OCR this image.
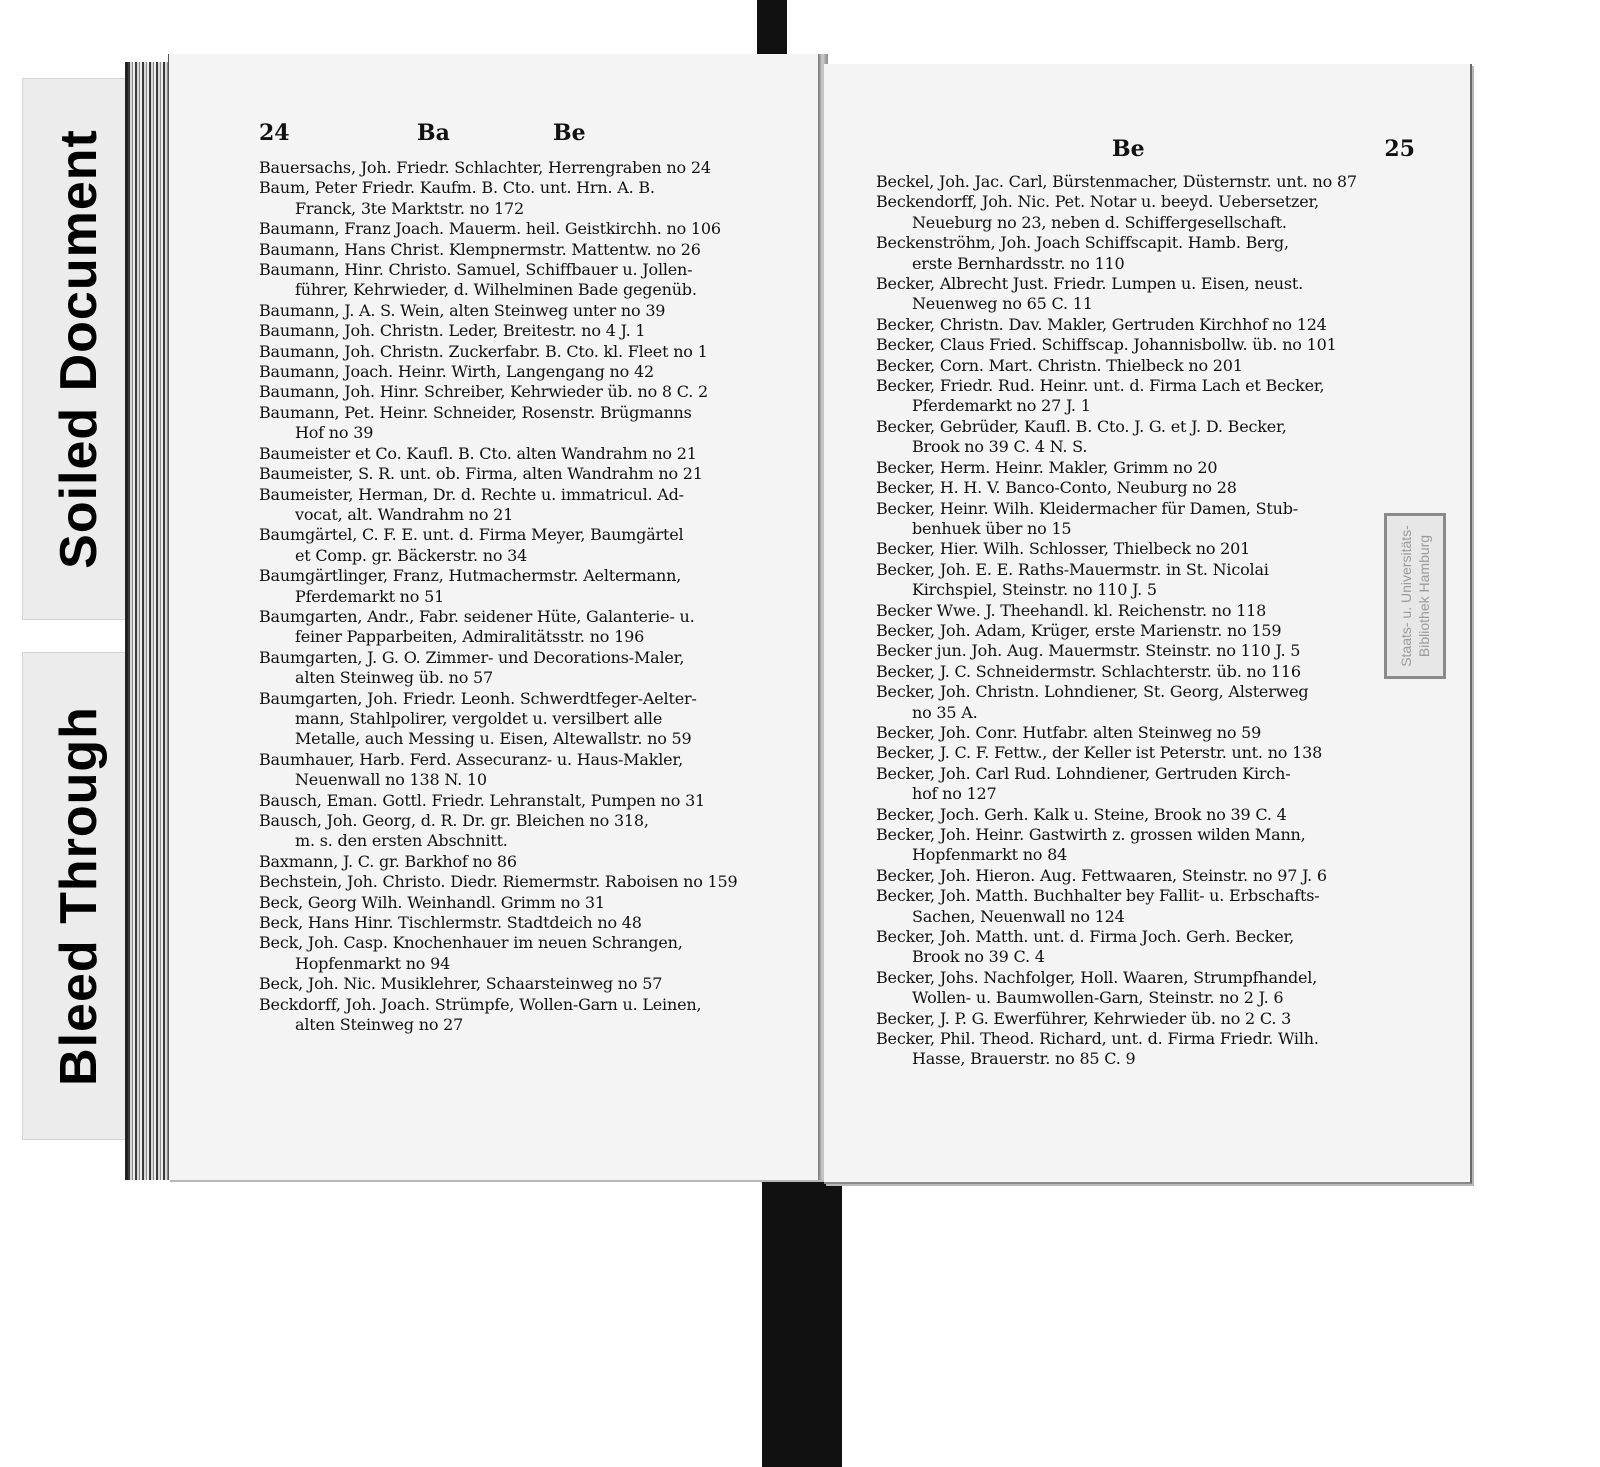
Soiled Document
Bleed Through
24	Ba	Be
Bauersachs, Joh. Friedr. Schlachter, Herrengraben no 24
Baum, Peter Friedr. Kaufm. B. Cto. unt. Hrn. A. B.
Franck, 3te Marktstr. no 172
Baumann, Franz Joach. Mauerm. heil. Geistkirchh. no 106
Baumann, Hans Christ. Klempnermstr. Mattentw. no 26
Baumann, Hinr. Christo. Samuel, Schiffbauer u. Jollen-
führer, Kehrwieder, d. Wilhelminen Bade gegenüb.
Baumann, J. A. S. Wein, alten Steinweg unter no 39
Baumann, Joh. Christn. Leder, Breitestr. no 4 J. 1
Baumann, Joh. Christn. Zuckerfabr. B. Cto. kl. Fleet no 1
Baumann, Joach. Heinr. Wirth, Langengang no 42
Baumann, Joh. Hinr. Schreiber, Kehrwieder üb. no 8 C. 2
Baumann, Pet. Heinr. Schneider, Rosenstr. Brügmanns
Hof no 39
Baumeister et Co. Kaufl. B. Cto. alten Wandrahm no 21
Baumeister, S. R. unt. ob. Firma, alten Wandrahm no 21
Baumeister, Herman, Dr. d. Rechte u. immatricul. Ad-
vocat, alt. Wandrahm no 21
Baumgärtel, C. F. E. unt. d. Firma Meyer, Baumgärtel
et Comp. gr. Bäckerstr. no 34
Baumgärtlinger, Franz, Hutmachermstr. Aeltermann,
Pferdemarkt no 51
Baumgarten, Andr., Fabr. seidener Hüte, Galanterie- u.
feiner Papparbeiten, Admiralitätsstr. no 196
Baumgarten, J. G. O. Zimmer- und Decorations-Maler,
alten Steinweg üb. no 57
Baumgarten, Joh. Friedr. Leonh. Schwerdtfeger-Aelter-
mann, Stahlpolirer, vergoldet u. versilbert alle
Metalle, auch Messing u. Eisen, Altewallstr. no 59
Baumhauer, Harb. Ferd. Assecuranz- u. Haus-Makler,
Neuenwall no 138 N. 10
Bausch, Eman. Gottl. Friedr. Lehranstalt, Pumpen no 31
Bausch, Joh. Georg, d. R. Dr. gr. Bleichen no 318,
m. s. den ersten Abschnitt.
Baxmann, J. C. gr. Barkhof no 86
Bechstein, Joh. Christo. Diedr. Riemermstr. Raboisen no 159
Beck, Georg Wilh. Weinhandl. Grimm no 31
Beck, Hans Hinr. Tischlermstr. Stadtdeich no 48
Beck, Joh. Casp. Knochenhauer im neuen Schrangen,
Hopfenmarkt no 94
Beck, Joh. Nic. Musiklehrer, Schaarsteinweg no 57
Beckdorff, Joh. Joach. Strümpfe, Wollen-Garn u. Leinen,
alten Steinweg no 27
Be	25
Beckel, Joh. Jac. Carl, Bürstenmacher, Düsternstr. unt. no 87
Beckendorff, Joh. Nic. Pet. Notar u. beeyd. Uebersetzer,
Neueburg no 23, neben d. Schiffergesellschaft.
Beckenströhm, Joh. Joach Schiffscapit. Hamb. Berg,
erste Bernhardsstr. no 110
Becker, Albrecht Just. Friedr. Lumpen u. Eisen, neust.
Neuenweg no 65 C. 11
Becker, Christn. Dav. Makler, Gertruden Kirchhof no 124
Becker, Claus Fried. Schiffscap. Johannisbollw. üb. no 101
Becker, Corn. Mart. Christn. Thielbeck no 201
Becker, Friedr. Rud. Heinr. unt. d. Firma Lach et Becker,
Pferdemarkt no 27 J. 1
Becker, Gebrüder, Kaufl. B. Cto. J. G. et J. D. Becker,
Brook no 39 C. 4 N. S.
Becker, Herm. Heinr. Makler, Grimm no 20
Becker, H. H. V. Banco-Conto, Neuburg no 28
Becker, Heinr. Wilh. Kleidermacher für Damen, Stub-
benhuek über no 15
Becker, Hier. Wilh. Schlosser, Thielbeck no 201
Becker, Joh. E. E. Raths-Mauermstr. in St. Nicolai
Kirchspiel, Steinstr. no 110 J. 5
Becker Wwe. J. Theehandl. kl. Reichenstr. no 118
Becker, Joh. Adam, Krüger, erste Marienstr. no 159
Becker jun. Joh. Aug. Mauermstr. Steinstr. no 110 J. 5
Becker, J. C. Schneidermstr. Schlachterstr. üb. no 116
Becker, Joh. Christn. Lohndiener, St. Georg, Alsterweg
no 35 A.
Becker, Joh. Conr. Hutfabr. alten Steinweg no 59
Becker, J. C. F. Fettw., der Keller ist Peterstr. unt. no 138
Becker, Joh. Carl Rud. Lohndiener, Gertruden Kirch-
hof no 127
Becker, Joch. Gerh. Kalk u. Steine, Brook no 39 C. 4
Becker, Joh. Heinr. Gastwirth z. grossen wilden Mann,
Hopfenmarkt no 84
Becker, Joh. Hieron. Aug. Fettwaaren, Steinstr. no 97 J. 6
Becker, Joh. Matth. Buchhalter bey Fallit- u. Erbschafts-
Sachen, Neuenwall no 124
Becker, Joh. Matth. unt. d. Firma Joch. Gerh. Becker,
Brook no 39 C. 4
Becker, Johs. Nachfolger, Holl. Waaren, Strumpfhandel,
Wollen- u. Baumwollen-Garn, Steinstr. no 2 J. 6
Becker, J. P. G. Ewerführer, Kehrwieder üb. no 2 C. 3
Becker, Phil. Theod. Richard, unt. d. Firma Friedr. Wilh.
Hasse, Brauerstr. no 85 C. 9
Staats- u. Universitäts- Bibliothek Hamburg
